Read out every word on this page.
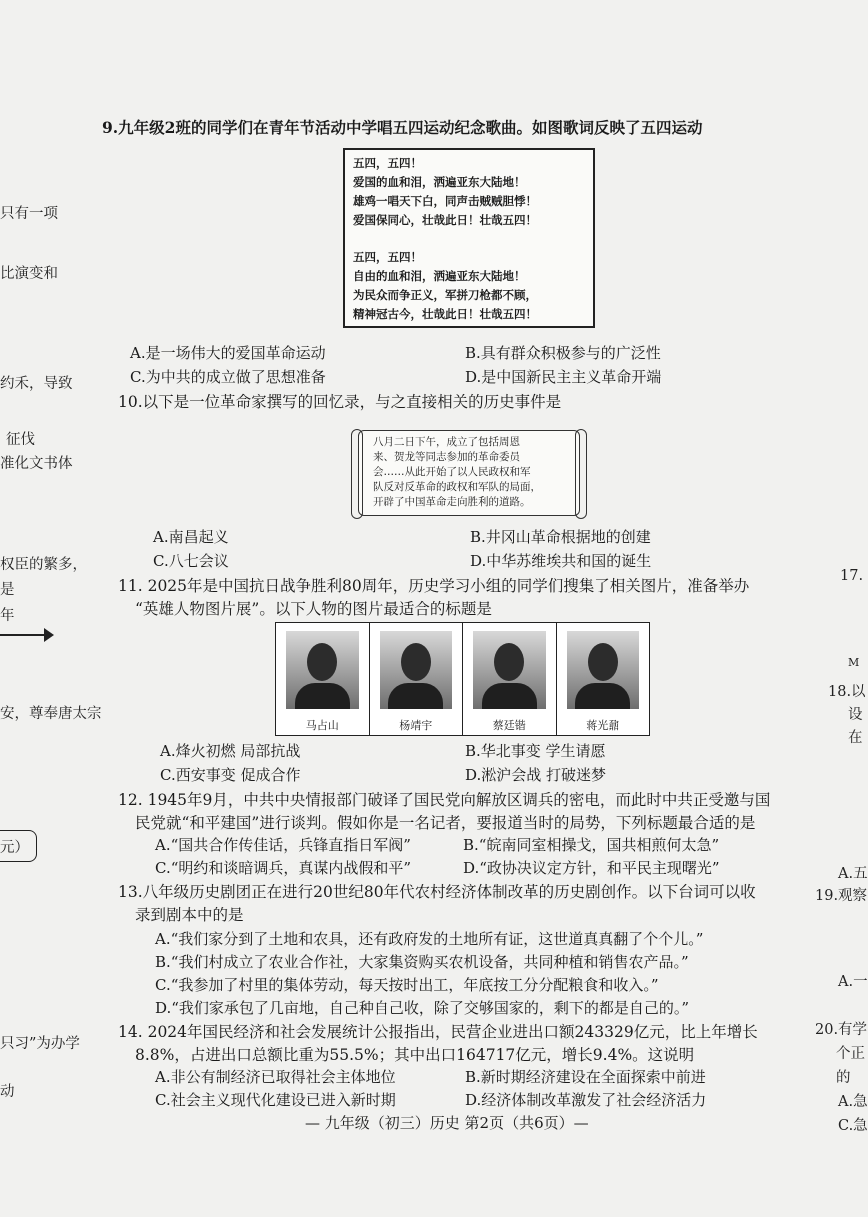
只有一项
比演变和
约禾，导致
征伐
准化文书体
权臣的繁多，
是
年
安，尊奉唐太宗
元）
只习”为办学
动
17.
M
18.以
设
在
A.五
19.观察
A.一
20.有学
个正
的
A.急
C.急
9.九年级2班的同学们在青年节活动中学唱五四运动纪念歌曲。如图歌词反映了五四运动
五四，五四！
爱国的血和泪，洒遍亚东大陆地！
雄鸡一唱天下白，同声击贼贼胆悸！
爱国保同心，壮哉此日！壮哉五四！
五四，五四！
自由的血和泪，洒遍亚东大陆地！
为民众而争正义，军拼刀枪都不顾，
精神冠古今，壮哉此日！壮哉五四！
A.是一场伟大的爱国革命运动	B.具有群众积极参与的广泛性
C.为中共的成立做了思想准备	D.是中国新民主主义革命开端
10.以下是一位革命家撰写的回忆录，与之直接相关的历史事件是
八月二日下午，成立了包括周恩
来、贺龙等同志参加的革命委员
会……从此开始了以人民政权和军
队反对反革命的政权和军队的局面，
开辟了中国革命走向胜利的道路。
A.南昌起义	B.井冈山革命根据地的创建
C.八七会议	D.中华苏维埃共和国的诞生
11. 2025年是中国抗日战争胜利80周年，历史学习小组的同学们搜集了相关图片，准备举办
“英雄人物图片展”。以下人物的图片最适合的标题是
马占山	杨靖宇	蔡廷锴	蒋光鼐
A.烽火初燃 局部抗战	B.华北事变 学生请愿
C.西安事变 促成合作	D.淞沪会战 打破迷梦
12. 1945年9月，中共中央情报部门破译了国民党向解放区调兵的密电，而此时中共正受邀与国
民党就“和平建国”进行谈判。假如你是一名记者，要报道当时的局势，下列标题最合适的是
A.“国共合作传佳话，兵锋直指日军阀”	B.“皖南同室相操戈，国共相煎何太急”
C.“明约和谈暗调兵，真谋内战假和平”	D.“政协决议定方针，和平民主现曙光”
13.八年级历史剧团正在进行20世纪80年代农村经济体制改革的历史剧创作。以下台词可以收
录到剧本中的是
A.“我们家分到了土地和农具，还有政府发的土地所有证，这世道真真翻了个个儿。”
B.“我们村成立了农业合作社，大家集资购买农机设备，共同种植和销售农产品。”
C.“我参加了村里的集体劳动，每天按时出工，年底按工分分配粮食和收入。”
D.“我们家承包了几亩地，自己种自己收，除了交够国家的，剩下的都是自己的。”
14. 2024年国民经济和社会发展统计公报指出，民营企业进出口额243329亿元，比上年增长
8.8%，占进出口总额比重为55.5%；其中出口164717亿元，增长9.4%。这说明
A.非公有制经济已取得社会主体地位	B.新时期经济建设在全面探索中前进
C.社会主义现代化建设已进入新时期	D.经济体制改革激发了社会经济活力
— 九年级（初三）历史 第2页（共6页）—
